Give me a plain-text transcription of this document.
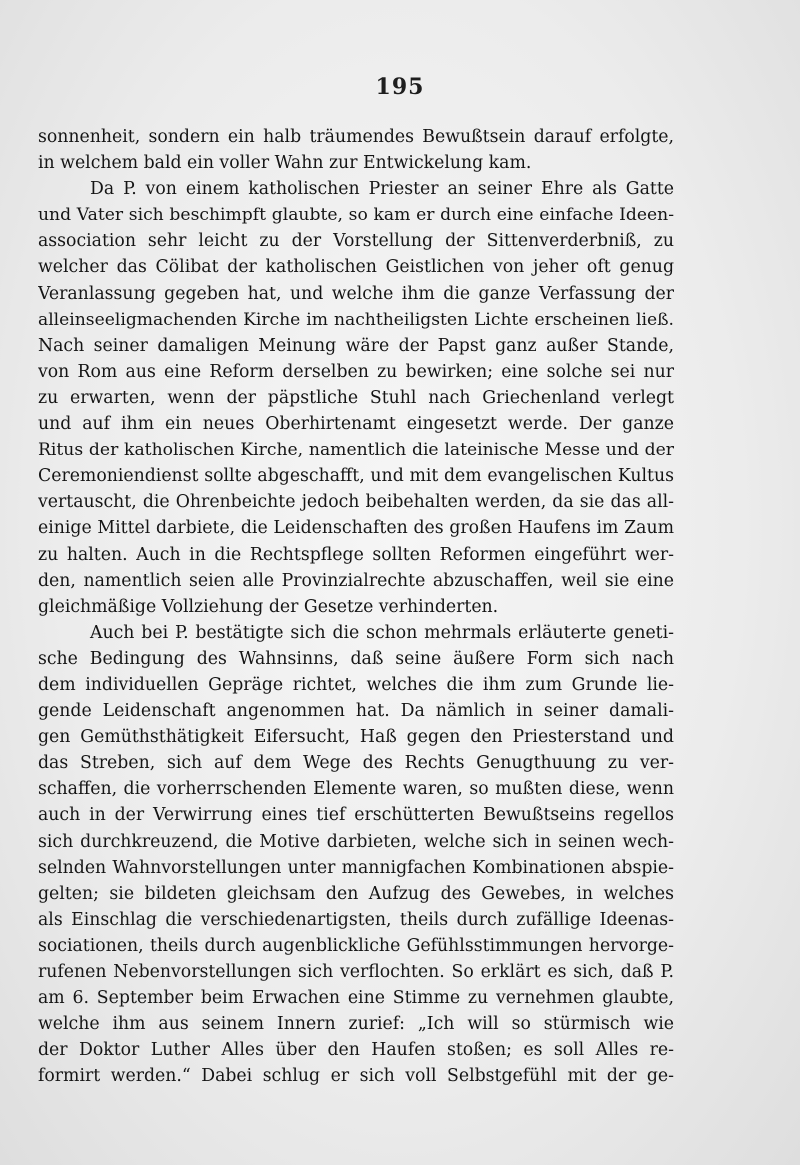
195
sonnenheit, sondern ein halb träumendes Bewußtsein darauf erfolgte,
in welchem bald ein voller Wahn zur Entwickelung kam.
Da P. von einem katholischen Priester an seiner Ehre als Gatte
und Vater sich beschimpft glaubte, so kam er durch eine einfache Ideen-
association sehr leicht zu der Vorstellung der Sittenverderbniß, zu
welcher das Cölibat der katholischen Geistlichen von jeher oft genug
Veranlassung gegeben hat, und welche ihm die ganze Verfassung der
alleinseeligmachenden Kirche im nachtheiligsten Lichte erscheinen ließ.
Nach seiner damaligen Meinung wäre der Papst ganz außer Stande,
von Rom aus eine Reform derselben zu bewirken; eine solche sei nur
zu erwarten, wenn der päpstliche Stuhl nach Griechenland verlegt
und auf ihm ein neues Oberhirtenamt eingesetzt werde. Der ganze
Ritus der katholischen Kirche, namentlich die lateinische Messe und der
Ceremoniendienst sollte abgeschafft, und mit dem evangelischen Kultus
vertauscht, die Ohrenbeichte jedoch beibehalten werden, da sie das all-
einige Mittel darbiete, die Leidenschaften des großen Haufens im Zaum
zu halten. Auch in die Rechtspflege sollten Reformen eingeführt wer-
den, namentlich seien alle Provinzialrechte abzuschaffen, weil sie eine
gleichmäßige Vollziehung der Gesetze verhinderten.
Auch bei P. bestätigte sich die schon mehrmals erläuterte geneti-
sche Bedingung des Wahnsinns, daß seine äußere Form sich nach
dem individuellen Gepräge richtet, welches die ihm zum Grunde lie-
gende Leidenschaft angenommen hat. Da nämlich in seiner damali-
gen Gemüthsthätigkeit Eifersucht, Haß gegen den Priesterstand und
das Streben, sich auf dem Wege des Rechts Genugthuung zu ver-
schaffen, die vorherrschenden Elemente waren, so mußten diese, wenn
auch in der Verwirrung eines tief erschütterten Bewußtseins regellos
sich durchkreuzend, die Motive darbieten, welche sich in seinen wech-
selnden Wahnvorstellungen unter mannigfachen Kombinationen abspie-
gelten; sie bildeten gleichsam den Aufzug des Gewebes, in welches
als Einschlag die verschiedenartigsten, theils durch zufällige Ideenas-
sociationen, theils durch augenblickliche Gefühlsstimmungen hervorge-
rufenen Nebenvorstellungen sich verflochten. So erklärt es sich, daß P.
am 6. September beim Erwachen eine Stimme zu vernehmen glaubte,
welche ihm aus seinem Innern zurief: „Ich will so stürmisch wie
der Doktor Luther Alles über den Haufen stoßen; es soll Alles re-
formirt werden.“ Dabei schlug er sich voll Selbstgefühl mit der ge-
